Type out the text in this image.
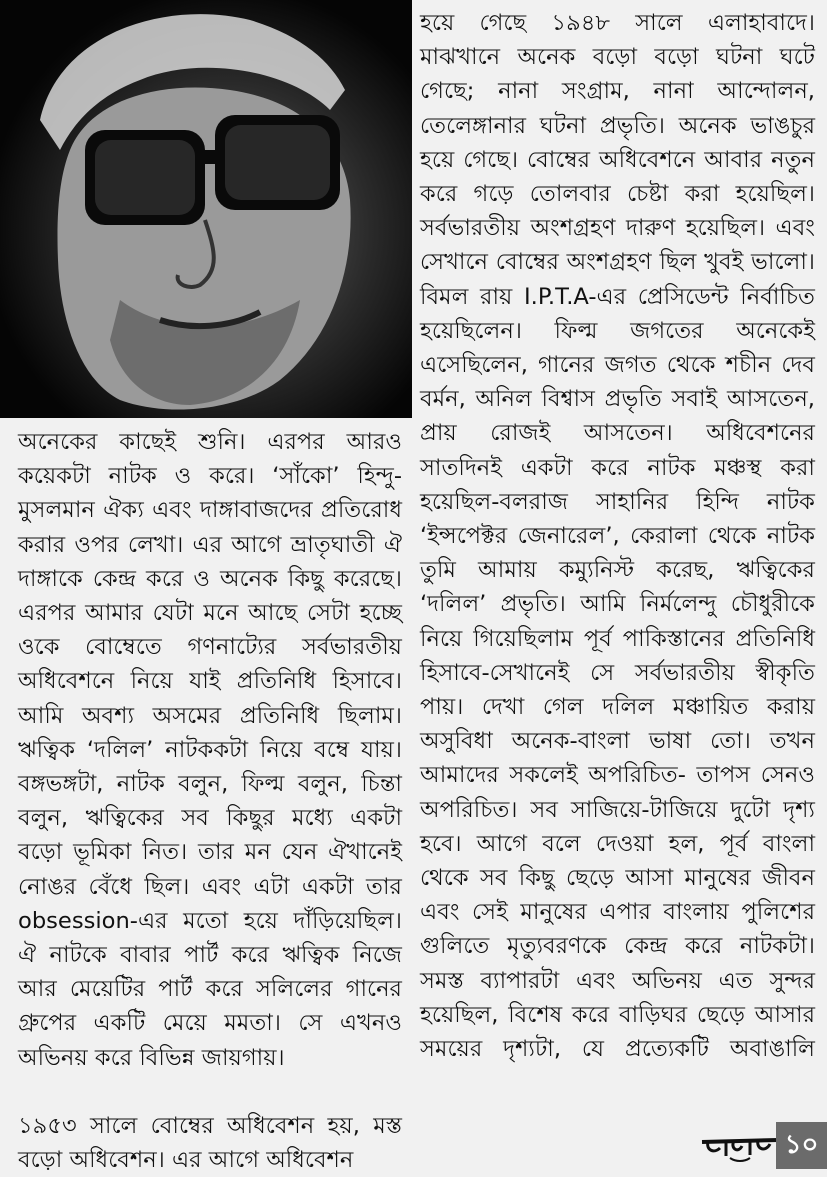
অনেকের কাছেই শুনি। এরপর আরও কয়েকটা নাটক ও করে। ‘সাঁকো’ হিন্দু-মুসলমান ঐক্য এবং দাঙ্গাবাজদের প্রতিরোধ করার ওপর লেখা। এর আগে ভ্রাতৃঘাতী ঐ দাঙ্গাকে কেন্দ্র করে ও অনেক কিছু করেছে। এরপর আমার যেটা মনে আছে সেটা হচ্ছে ওকে বোম্বেতে গণনাট্যের সর্বভারতীয় অধিবেশনে নিয়ে যাই প্রতিনিধি হিসাবে। আমি অবশ্য অসমের প্রতিনিধি ছিলাম। ঋত্বিক ‘দলিল’ নাটককটা নিয়ে বম্বে যায়। বঙ্গভঙ্গটা, নাটক বলুন, ফিল্ম বলুন, চিন্তা বলুন, ঋত্বিকের সব কিছুর মধ্যে একটা বড়ো ভূমিকা নিত। তার মন যেন ঐখানেই নোঙর বেঁধে ছিল। এবং এটা একটা তার obsession-এর মতো হয়ে দাঁড়িয়েছিল। ঐ নাটকে বাবার পার্ট করে ঋত্বিক নিজে আর মেয়েটির পার্ট করে সলিলের গানের গ্রুপের একটি মেয়ে মমতা। সে এখনও অভিনয় করে বিভিন্ন জায়গায়।

১৯৫৩ সালে বোম্বের অধিবেশন হয়, মস্ত বড়ো অধিবেশন। এর আগে অধিবেশন

হয়ে গেছে ১৯৪৮ সালে এলাহাবাদে। মাঝখানে অনেক বড়ো বড়ো ঘটনা ঘটে গেছে; নানা সংগ্রাম, নানা আন্দোলন, তেলেঙ্গানার ঘটনা প্রভৃতি। অনেক ভাঙচুর হয়ে গেছে। বোম্বের অধিবেশনে আবার নতুন করে গড়ে তোলবার চেষ্টা করা হয়েছিল। সর্বভারতীয় অংশগ্রহণ দারুণ হয়েছিল। এবং সেখানে বোম্বের অংশগ্রহণ ছিল খুবই ভালো। বিমল রায় I.P.T.A-এর প্রেসিডেন্ট নির্বাচিত হয়েছিলেন। ফিল্ম জগতের অনেকেই এসেছিলেন, গানের জগত থেকে শচীন দেব বর্মন, অনিল বিশ্বাস প্রভৃতি সবাই আসতেন, প্রায় রোজই আসতেন। অধিবেশনের সাতদিনই একটা করে নাটক মঞ্চস্থ করা হয়েছিল-বলরাজ সাহানির হিন্দি নাটক ‘ইন্সপেক্টর জেনারেল’, কেরালা থেকে নাটক তুমি আমায় কম্যুনিস্ট করেছ, ঋত্বিকের ‘দলিল’ প্রভৃতি। আমি নির্মলেন্দু চৌধুরীকে নিয়ে গিয়েছিলাম পূর্ব পাকিস্তানের প্রতিনিধি হিসাবে-সেখানেই সে সর্বভারতীয় স্বীকৃতি পায়। দেখা গেল দলিল মঞ্চায়িত করায় অসুবিধা অনেক-বাংলা ভাষা তো। তখন আমাদের সকলেই অপরিচিত- তাপস সেনও অপরিচিত। সব সাজিয়ে-টাজিয়ে দুটো দৃশ্য হবে। আগে বলে দেওয়া হল, পূর্ব বাংলা থেকে সব কিছু ছেড়ে আসা মানুষের জীবন এবং সেই মানুষের এপার বাংলায় পুলিশের গুলিতে মৃত্যুবরণকে কেন্দ্র করে নাটকটা। সমস্ত ব্যাপারটা এবং অভিনয় এত সুন্দর হয়েছিল, বিশেষ করে বাড়িঘর ছেড়ে আসার সময়ের দৃশ্যটা, যে প্রত্যেকটি অবাঙালি

১০
